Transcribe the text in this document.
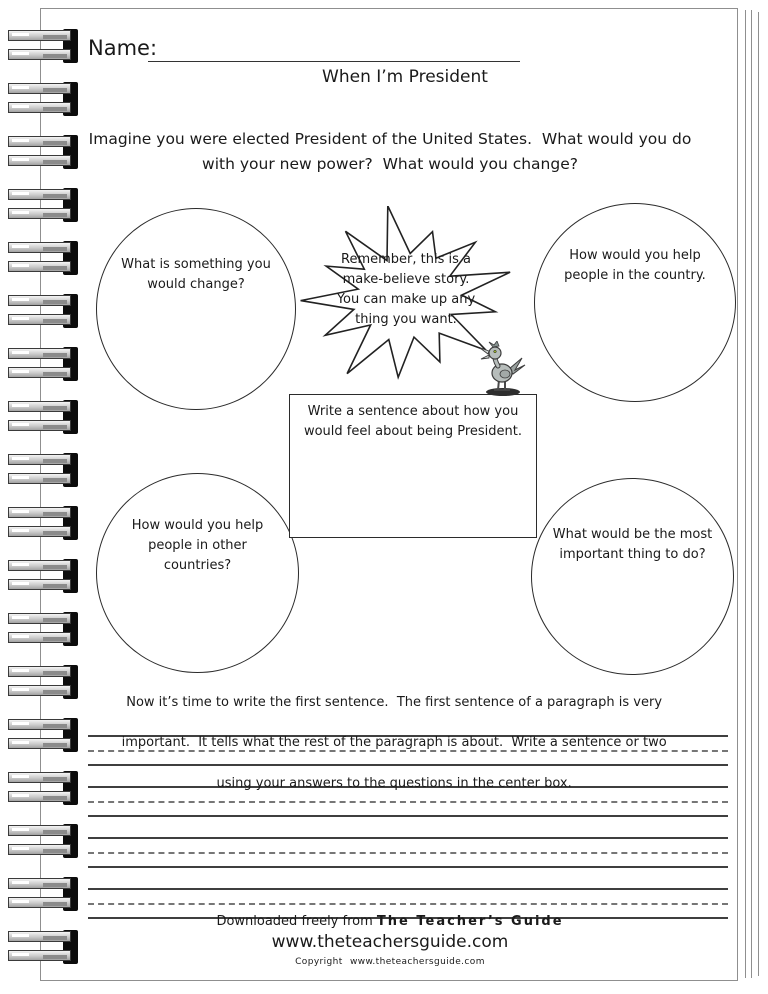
Name:
When I’m President
Imagine you were elected President of the United States.  What would you do
with your new power?  What would you change?
What is something you would change?
How would you help people in the country.
How would you help people in other countries?
What would be the most important thing to do?
Remember, this is a
make-believe story.
You can make up any
thing you want.
Write a sentence about how you would feel about being President.

Now it’s time to write the first sentence.  The first sentence of a paragraph is very

important.  It tells what the rest of the paragraph is about.  Write a sentence or two

using your answers to the questions in the center box.

Downloaded freely from The Teacher’s Guide
www.theteachersguide.com
Copyright www.theteachersguide.com
